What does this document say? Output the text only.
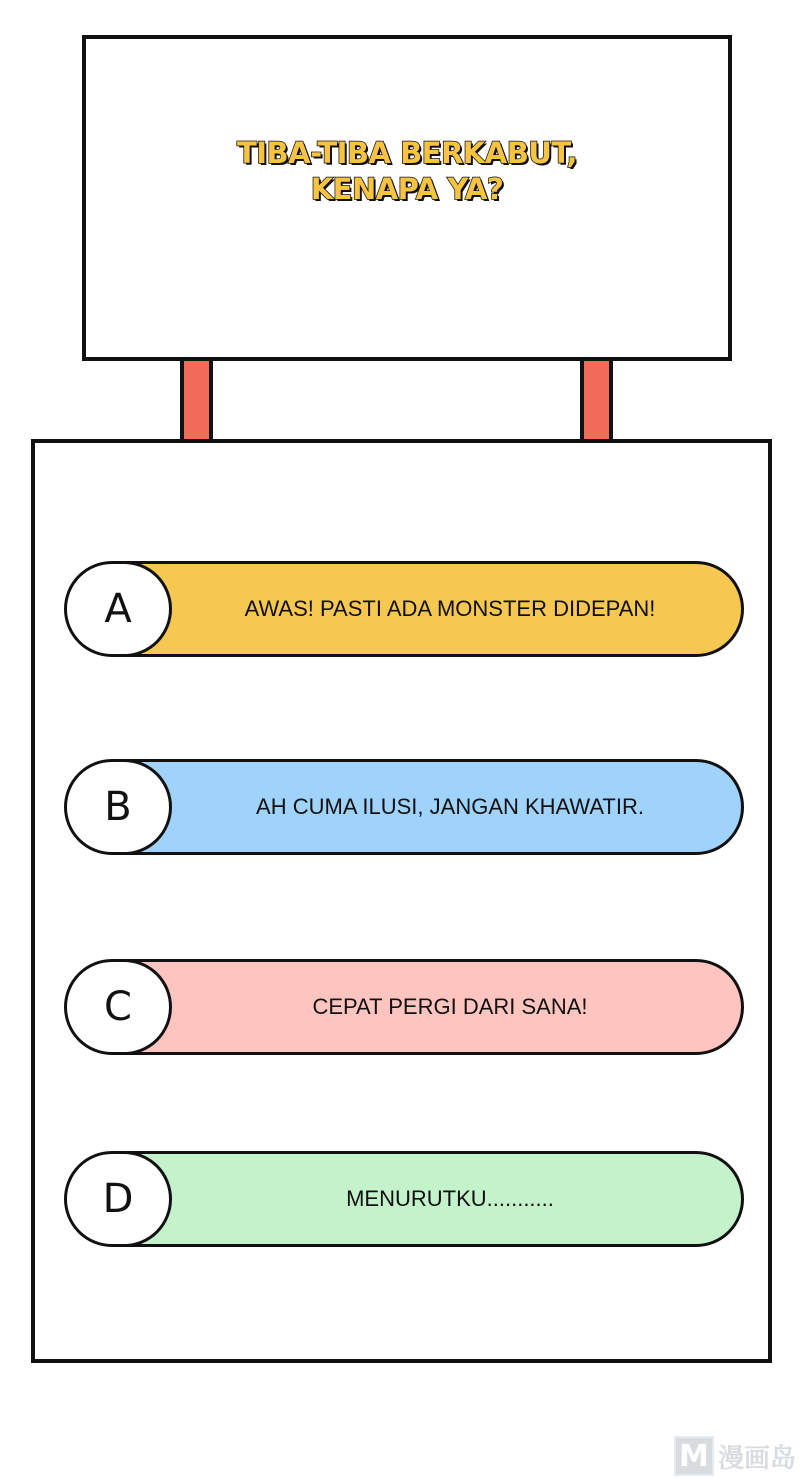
TIBA-TIBA BERKABUT,
KENAPA YA?
AWAS! PASTI ADA MONSTER DIDEPAN!
A
AH CUMA ILUSI, JANGAN KHAWATIR.
B
CEPAT PERGI DARI SANA!
C
MENURUTKU...........
D
M 漫画岛
